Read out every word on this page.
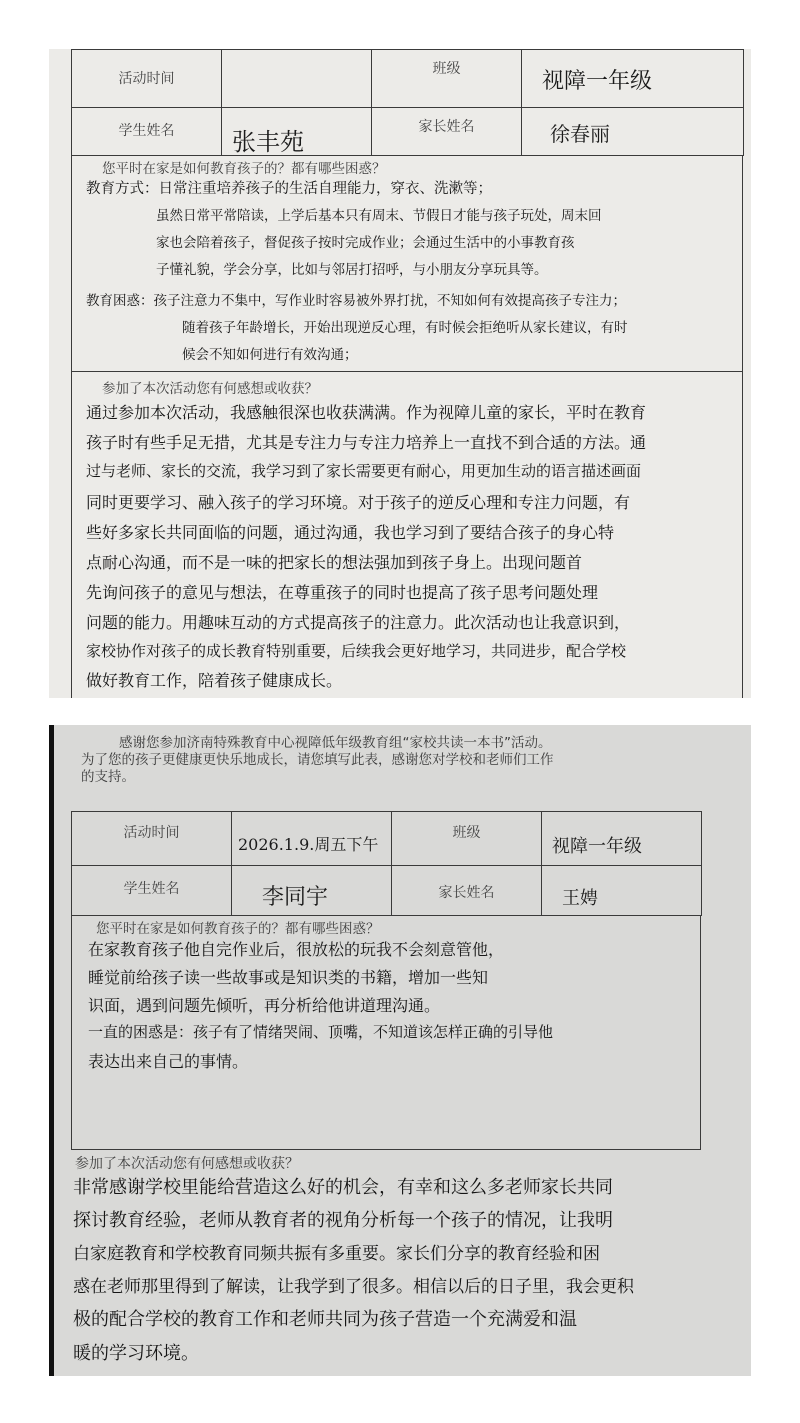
活动时间		班级	视障一年级

学生姓名	张丰苑	家长姓名	徐春丽
您平时在家是如何教育孩子的？都有哪些困惑？
教育方式：日常注重培养孩子的生活自理能力，穿衣、洗漱等；
虽然日常平常陪读，上学后基本只有周末、节假日才能与孩子玩处，周末回
家也会陪着孩子，督促孩子按时完成作业；会通过生活中的小事教育孩
子懂礼貌，学会分享，比如与邻居打招呼，与小朋友分享玩具等。
教育困惑：孩子注意力不集中，写作业时容易被外界打扰，不知如何有效提高孩子专注力；
随着孩子年龄增长，开始出现逆反心理，有时候会拒绝听从家长建议，有时
候会不知如何进行有效沟通；
参加了本次活动您有何感想或收获？
通过参加本次活动，我感触很深也收获满满。作为视障儿童的家长，平时在教育
孩子时有些手足无措，尤其是专注力与专注力培养上一直找不到合适的方法。通
过与老师、家长的交流，我学习到了家长需要更有耐心，用更加生动的语言描述画面
同时更要学习、融入孩子的学习环境。对于孩子的逆反心理和专注力问题，有
些好多家长共同面临的问题，通过沟通，我也学习到了要结合孩子的身心特
点耐心沟通，而不是一味的把家长的想法强加到孩子身上。出现问题首
先询问孩子的意见与想法，在尊重孩子的同时也提高了孩子思考问题处理
问题的能力。用趣味互动的方式提高孩子的注意力。此次活动也让我意识到，
家校协作对孩子的成长教育特别重要，后续我会更好地学习，共同进步，配合学校
做好教育工作，陪着孩子健康成长。
感谢您参加济南特殊教育中心视障低年级教育组“家校共读一本书”活动。
为了您的孩子更健康更快乐地成长，请您填写此表，感谢您对学校和老师们工作
的支持。
活动时间	2026.1.9.周五下午	班级	视障一年级

学生姓名	李同宇	家长姓名	王娉
您平时在家是如何教育孩子的？都有哪些困惑？
在家教育孩子他自完作业后，很放松的玩我不会刻意管他，
睡觉前给孩子读一些故事或是知识类的书籍，增加一些知
识面，遇到问题先倾听，再分析给他讲道理沟通。
一直的困惑是：孩子有了情绪哭闹、顶嘴，不知道该怎样正确的引导他
表达出来自己的事情。
参加了本次活动您有何感想或收获？
非常感谢学校里能给营造这么好的机会，有幸和这么多老师家长共同
探讨教育经验，老师从教育者的视角分析每一个孩子的情况，让我明
白家庭教育和学校教育同频共振有多重要。家长们分享的教育经验和困
惑在老师那里得到了解读，让我学到了很多。相信以后的日子里，我会更积
极的配合学校的教育工作和老师共同为孩子营造一个充满爱和温
暖的学习环境。
